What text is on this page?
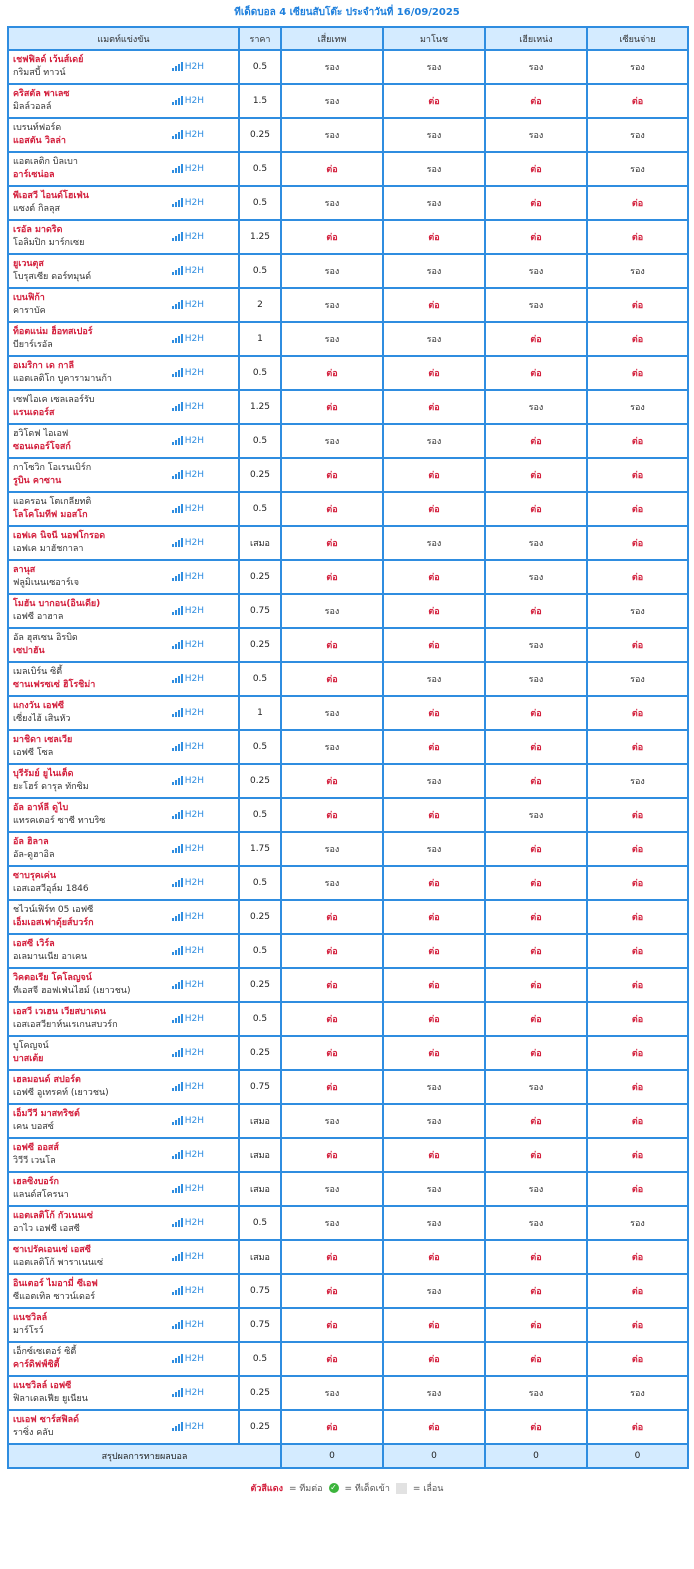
ทีเด็ดบอล 4 เซียนสับโต๊ะ ประจำวันที่ 16/09/2025
แมตท์แข่งขัน	ราคา	เสี่ยเทพ	มาโนช	เฮียเหน่ง	เซียนจ่าย

เชฟฟิลด์ เว้นส์เดย์
กริมสบี้ ทาวน์
H2H	0.5	รอง	รอง	รอง	รอง

คริสตัล พาเลซ
มิลล์วอลล์
H2H	1.5	รอง	ต่อ	ต่อ	ต่อ

เบรนท์ฟอร์ด
แอสตัน วิลล่า
H2H	0.25	รอง	รอง	รอง	รอง

แอตเลติก บิลเบา
อาร์เซน่อล
H2H	0.5	ต่อ	รอง	ต่อ	รอง

พีเอสวี ไอนด์โฮเฟ่น
แซงต์ กิลลุส
H2H	0.5	รอง	รอง	ต่อ	ต่อ

เรอัล มาดริด
โอลิมปิก มาร์กเซย
H2H	1.25	ต่อ	ต่อ	ต่อ	ต่อ

ยูเวนตุส
โบรุสเซีย ดอร์ทมุนด์
H2H	0.5	รอง	รอง	รอง	รอง

เบนฟิก้า
คาราบัค
H2H	2	รอง	ต่อ	รอง	ต่อ

ท็อตแน่ม ฮ็อทสเปอร์
บียาร์เรอัล
H2H	1	รอง	รอง	ต่อ	ต่อ

อเมริกา เด กาลี
แอตเลติโก บูคารามานก้า
H2H	0.5	ต่อ	ต่อ	ต่อ	ต่อ

เซฟไอเค เซลเลอร์รับ
แรนเดอร์ส
H2H	1.25	ต่อ	ต่อ	รอง	รอง

ฮวิโดฟ ไอเอฟ
ซอนเดอร์โจสก์
H2H	0.5	รอง	รอง	ต่อ	ต่อ

กาโซวิก โอเรนเบิร์ก
รูบิน คาซาน
H2H	0.25	ต่อ	ต่อ	ต่อ	ต่อ

แอครอน โตเกลียทติ
โลโคโมทีฟ มอสโก
H2H	0.5	ต่อ	ต่อ	ต่อ	ต่อ

เอฟเค นิจนี นอฟโกรอด
เอฟเค มาฮัชกาลา
H2H	เสมอ	ต่อ	รอง	รอง	ต่อ

ลานุส
ฟลูมิเนนเซอาร์เจ
H2H	0.25	ต่อ	ต่อ	รอง	ต่อ

โมฮัน บากอน(อินเดีย)
เอฟซี อาฮาล
H2H	0.75	รอง	ต่อ	ต่อ	รอง

อัล ฮุสเซน อิรบิด
เซปาฮัน
H2H	0.25	ต่อ	ต่อ	รอง	ต่อ

เมลเบิร์น ซิตี้
ซานเฟรซเซ่ ฮิโรชิม่า
H2H	0.5	ต่อ	รอง	รอง	รอง

แกงวัน เอฟซี
เซี่ยงไฮ้ เสินหัว
H2H	1	รอง	ต่อ	ต่อ	ต่อ

มาชิดา เซลเวีย
เอฟซี โซล
H2H	0.5	รอง	ต่อ	ต่อ	ต่อ

บุรีรัมย์ ยูไนเต็ด
ยะโฮร์ ดารุล ทักซิม
H2H	0.25	ต่อ	รอง	ต่อ	รอง

อัล อาห์ลี ดูไบ
แทรคเตอร์ ซาซี ทาบริซ
H2H	0.5	ต่อ	ต่อ	รอง	ต่อ

อัล ฮิลาล
อัล-ดูฮาอิล
H2H	1.75	รอง	รอง	ต่อ	ต่อ

ซาบรุคเค่น
เอสเอสวีอุล์ม 1846
H2H	0.5	รอง	ต่อ	ต่อ	ต่อ

ชไวน์เฟิร์ท 05 เอฟซี
เอ็มเอสเฟาดุ้ยส์บวร์ก
H2H	0.25	ต่อ	ต่อ	ต่อ	ต่อ

เอสซี เวิร์ล
อเลมานเนีย อาเคน
H2H	0.5	ต่อ	ต่อ	ต่อ	ต่อ

วิคตอเรีย โคโลญจน์
ทีเอสจี ฮอฟเฟ่นไฮม์ (เยาวชน)
H2H	0.25	ต่อ	ต่อ	ต่อ	ต่อ

เอสวี เวเฮน เวียสบาเดน
เอสเอสวียาห์นเรเกนสบวร์ก
H2H	0.5	ต่อ	ต่อ	ต่อ	ต่อ

บูโคญจน์
บาสเต้ย
H2H	0.25	ต่อ	ต่อ	ต่อ	ต่อ

เฮลมอนด์ สปอร์ต
เอฟซี อูเทรคท์ (เยาวชน)
H2H	0.75	ต่อ	รอง	รอง	ต่อ

เอ็มวีวี มาสทริชต์
เคน บอสซ์
H2H	เสมอ	รอง	รอง	ต่อ	ต่อ

เอฟซี ออสส์
วิวีวี เวนโล
H2H	เสมอ	ต่อ	ต่อ	ต่อ	ต่อ

เฮลซิงบอร์ก
แลนด์สโครนา
H2H	เสมอ	รอง	รอง	รอง	ต่อ

แอตเลติโก้ กัวเนนเซ่
อาไว เอฟซี เอสซี
H2H	0.5	รอง	รอง	รอง	รอง

ซาเปรัคเอนเซ่ เอสซี
แอตเลติโก้ พาราเนนเซ่
H2H	เสมอ	ต่อ	ต่อ	ต่อ	ต่อ

อินเตอร์ ไมอามี่ ซีเอฟ
ซีแอตเทิล ซาวน์เดอร์
H2H	0.75	ต่อ	รอง	ต่อ	ต่อ

แนชวิลล์
มาร์โรว์
H2H	0.75	ต่อ	ต่อ	ต่อ	ต่อ

เอ็กซ์เซเตอร์ ซิตี้
คาร์ดิฟฟ์ซิตี้
H2H	0.5	ต่อ	ต่อ	ต่อ	ต่อ

แนชวิลล์ เอฟซี
ฟิลาเดลเฟีย ยูเนียน
H2H	0.25	รอง	รอง	รอง	รอง

เบเอฟ ซาร์สฟิลด์
ราซิ่ง คลับ
H2H	0.25	ต่อ	ต่อ	ต่อ	ต่อ
สรุปผลการทายผลบอล		0	0	0	0
ตัวสีแดง = ทีมต่อ ✓ = ทีเด็ดเข้า	= เลื่อน
